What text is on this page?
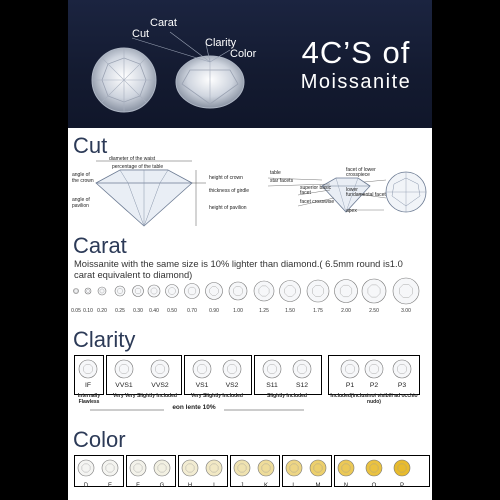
Cut
Carat
Clarity
Color	4C’S of
Moissanite
Cut
diameter of the waist
percentage of the table
angle of the crown
angle of pavilion
height of crown
thickness of girdle
height of pavilion
table
star facets
superior basic facet
facet crosswise
facet of lower crosspiece
lower fundamental facet
apex
Carat
Moissanite with the same size is 10% lighter than diamond.( 6.5mm round is1.0 carat equivalent to diamond)
0.05 0.10 0.20 0.25 0.30 0.40 0.50 0.70 0.90	1.00	1.25	1.50	1.75	2.00	2.50	3.00
Clarity
IF	VVS1	VVS2	VS1	VS2	S11	S12	P1 P2	P3
Internally Flawless
Very Very Slightly Included	Very Slightly Included	Slightly Included	Included(inclusinoi visibili ad occhio nudo)
eon lente 10%
Color
D	E	F	G	H	I	J	K	L	M	N	O	P
